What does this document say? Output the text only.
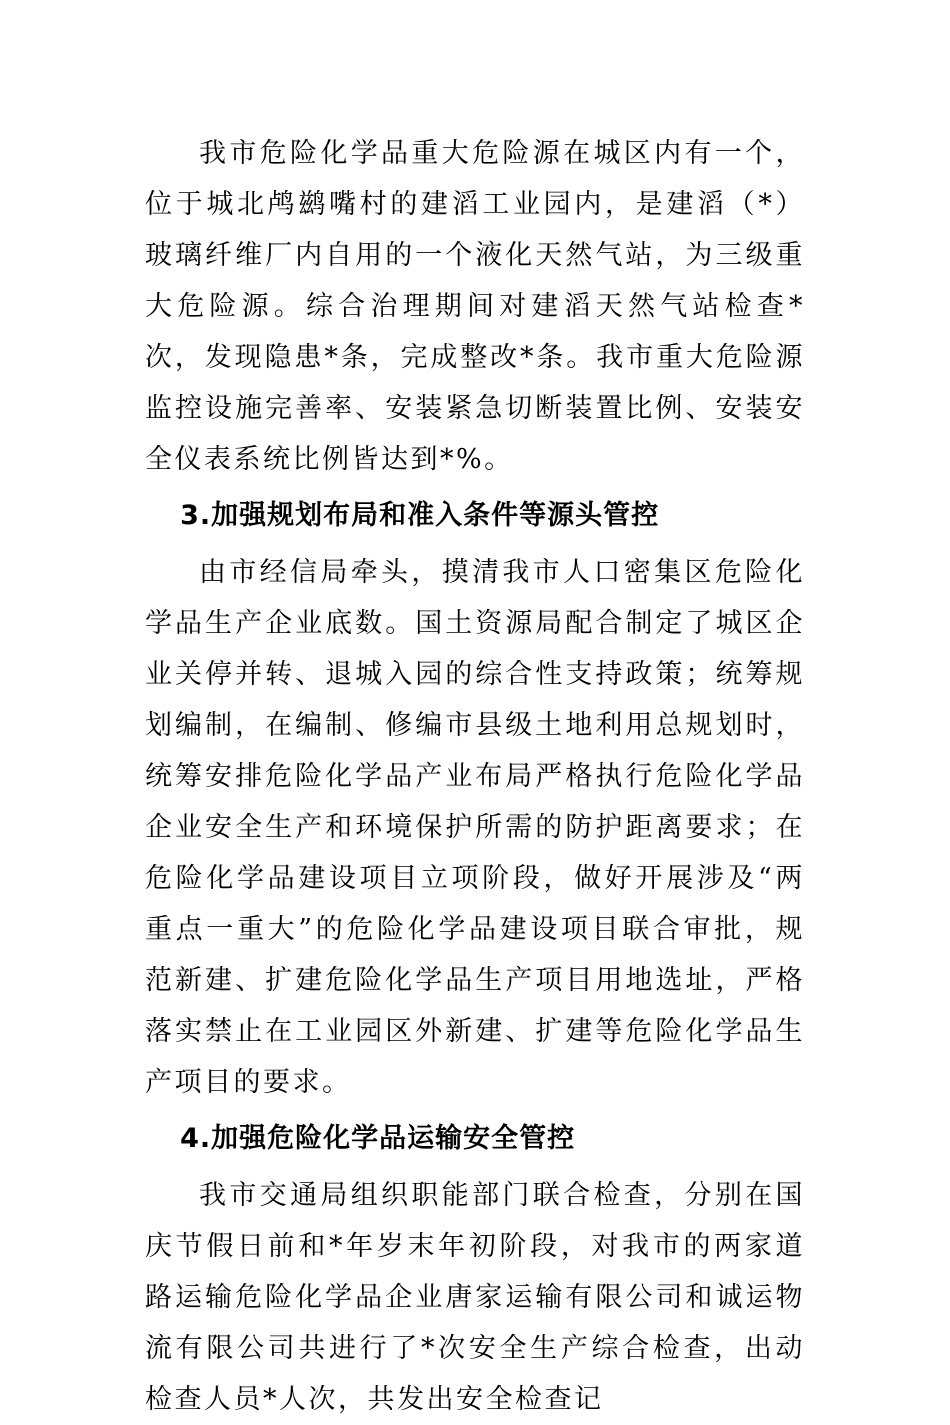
我市危险化学品重大危险源在城区内有一个，位于城北鸬鹚嘴村的建滔工业园内，是建滔（*）玻璃纤维厂内自用的一个液化天然气站，为三级重大危险源。综合治理期间对建滔天然气站检查*次，发现隐患*条，完成整改*条。我市重大危险源监控设施完善率、安装紧急切断装置比例、安装安全仪表系统比例皆达到*%。

3.加强规划布局和准入条件等源头管控

由市经信局牵头，摸清我市人口密集区危险化学品生产企业底数。国土资源局配合制定了城区企业关停并转、退城入园的综合性支持政策；统筹规划编制，在编制、修编市县级土地利用总规划时，统筹安排危险化学品产业布局严格执行危险化学品企业安全生产和环境保护所需的防护距离要求；在危险化学品建设项目立项阶段，做好开展涉及“两重点一重大”的危险化学品建设项目联合审批，规范新建、扩建危险化学品生产项目用地选址，严格落实禁止在工业园区外新建、扩建等危险化学品生产项目的要求。

4.加强危险化学品运输安全管控

我市交通局组织职能部门联合检查，分别在国庆节假日前和*年岁末年初阶段，对我市的两家道路运输危险化学品企业唐家运输有限公司和诚运物流有限公司共进行了*次安全生产综合检查，出动检查人员*人次，共发出安全检查记
